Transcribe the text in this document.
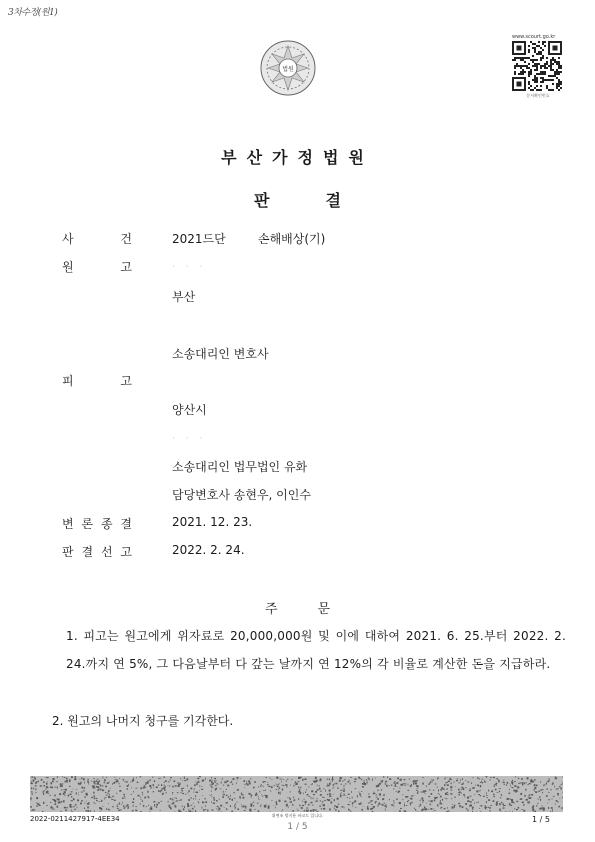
3차수정(원1)
법원
www.scourt.go.kr
문서확인번호
부산가정법원
판결
사	건	2021드단	손해배상(기)
원	고	· · ·
부산
소송대리인 변호사
피	고
양산시
· · ·
소송대리인 법무법인 유화
담당변호사 송현우, 이인수
변 론 종 결	2021. 12. 23.
판 결 선 고	2022. 2. 24.
주문
1. 피고는 원고에게 위자료로 20,000,000원 및 이에 대하여 2021. 6. 25.부터 2022. 2. 24.까지 연 5%, 그 다음날부터 다 갚는 날까지 연 12%의 각 비율로 계산한 돈을 지급하라.
2. 원고의 나머지 청구를 기각한다.
2022-0211427917-4EE34	위변조 방지용 바코드 입니다.
1 / 5
1 / 5
